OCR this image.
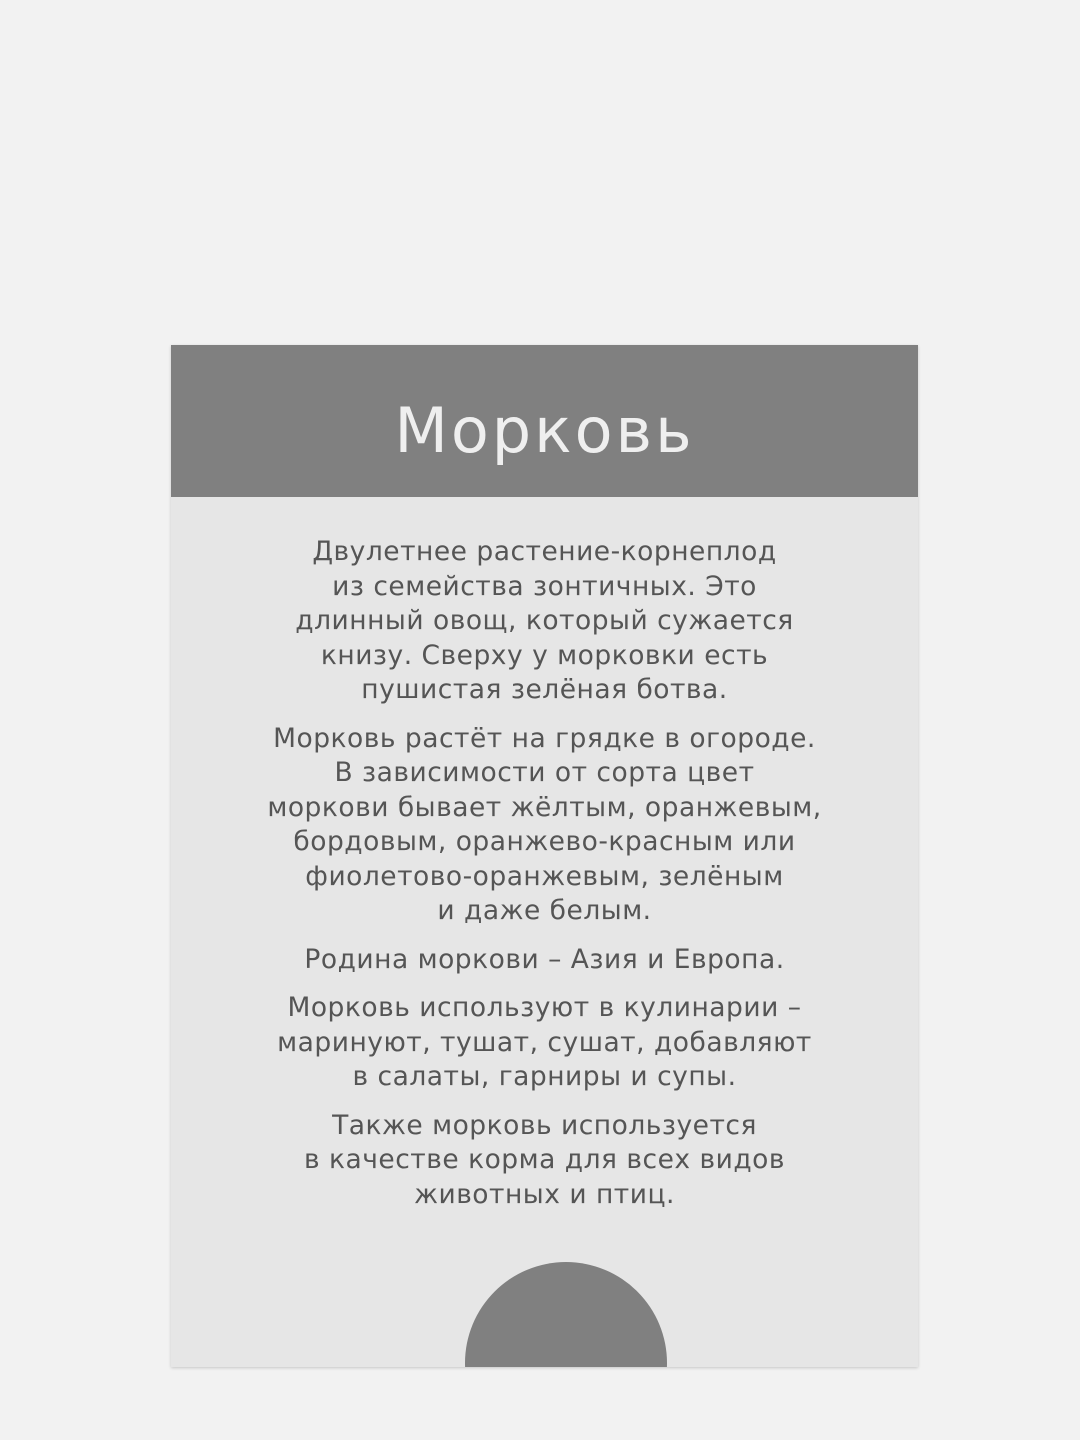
Морковь
Двулетнее растение-корнеплод
из семейства зонтичных. Это
длинный овощ, который сужается
книзу. Сверху у морковки есть
пушистая зелёная ботва.
Морковь растёт на грядке в огороде.
В зависимости от сорта цвет
моркови бывает жёлтым, оранжевым,
бордовым, оранжево-красным или
фиолетово-оранжевым, зелёным
и даже белым.
Родина моркови – Азия и Европа.
Морковь используют в кулинарии –
маринуют, тушат, сушат, добавляют
в салаты, гарниры и супы.
Также морковь используется
в качестве корма для всех видов
животных и птиц.
